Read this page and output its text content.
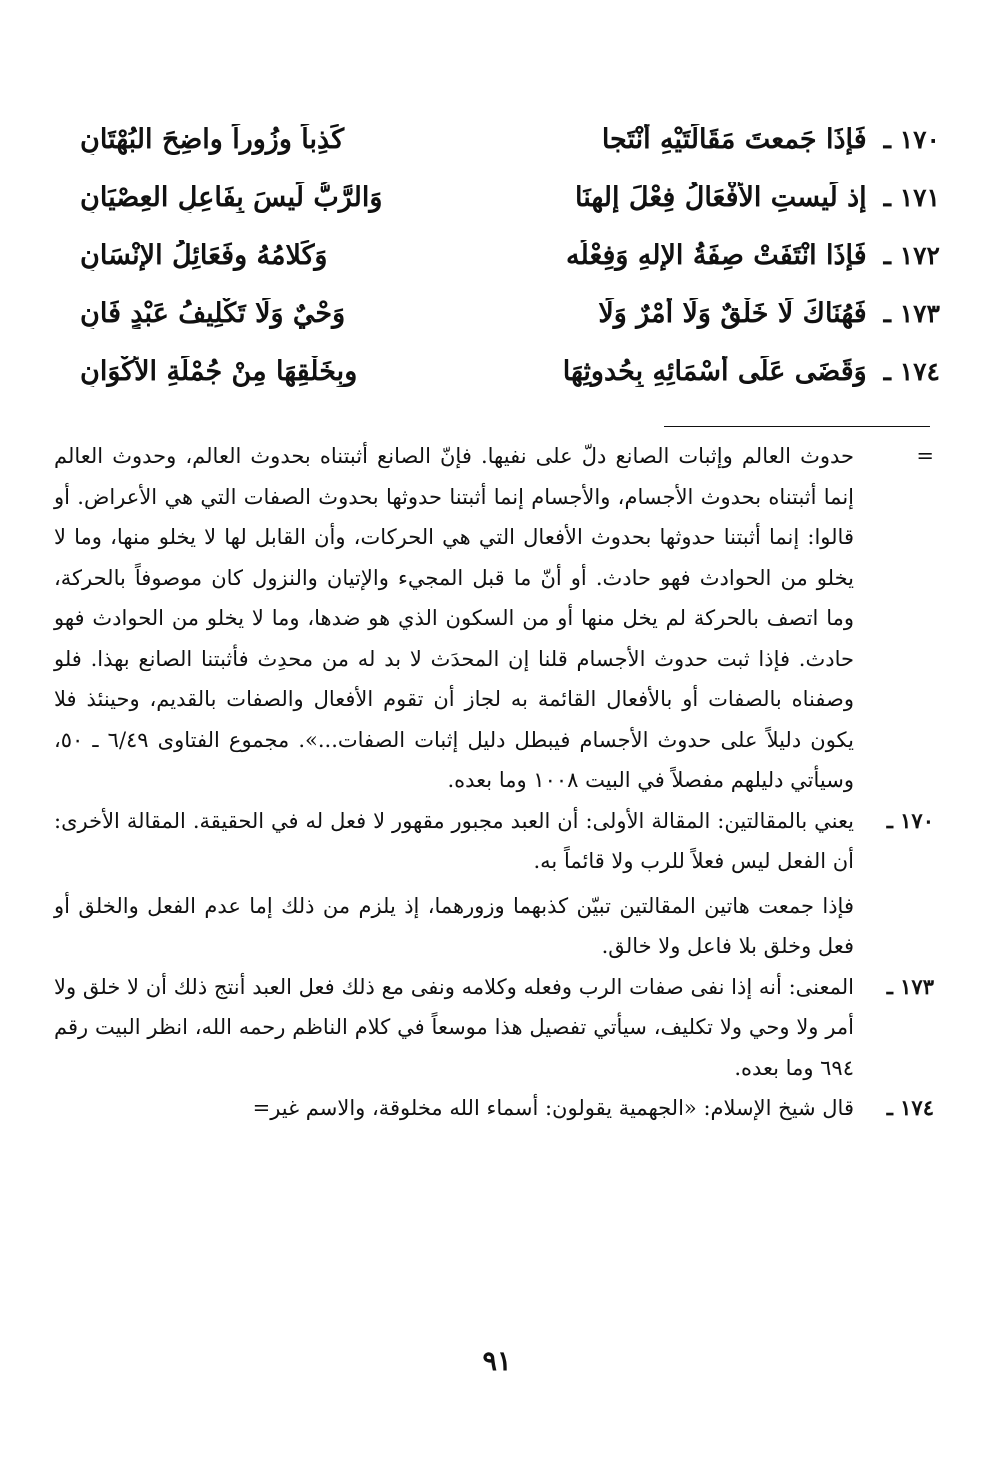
١٧٠ ـ
فَإذَا جَمعتَ مَقَالَتَيْهِ أنْتَجا
كَذِباً وزُوراً واضِحَ البُهْتَانِ
١٧١ ـ
إذ لَيستِ الأفْعَالُ فِعْلَ إلهِنَا
وَالرَّبُّ لَيسَ بِفَاعِلِ العِصْيَانِ
١٧٢ ـ
فَإذَا انْتَفَتْ صِفَةُ الإلهِ وَفِعْلُه
وَكَلامُهُ وفَعَائِلُ الإنْسَانِ
١٧٣ ـ
فَهُنَاكَ لَا خَلْقٌ وَلَا أمْرٌ وَلَا
وَحْيٌ وَلَا تَكْلِيفُ عَبْدٍ فَانِ
١٧٤ ـ
وَقَضَى عَلَى أسْمَائِهِ بِحُدوثِهَا
وبِخَلْقِهَا مِنْ جُمْلَةِ الأكْوَانِ
=

حدوث العالم وإثبات الصانع دلّ على نفيها. فإنّ الصانع أثبتناه بحدوث العالم، وحدوث العالم إنما أثبتناه بحدوث الأجسام، والأجسام إنما أثبتنا حدوثها بحدوث الصفات التي هي الأعراض. أو قالوا: إنما أثبتنا حدوثها بحدوث الأفعال التي هي الحركات، وأن القابل لها لا يخلو منها، وما لا يخلو من الحوادث فهو حادث. أو أنّ ما قبل المجيء والإتيان والنزول كان موصوفاً بالحركة، وما اتصف بالحركة لم يخل منها أو من السكون الذي هو ضدها، وما لا يخلو من الحوادث فهو حادث. فإذا ثبت حدوث الأجسام قلنا إن المحدَث لا بد له من محدِث فأثبتنا الصانع بهذا. فلو وصفناه بالصفات أو بالأفعال القائمة به لجاز أن تقوم الأفعال والصفات بالقديم، وحينئذ فلا يكون دليلاً على حدوث الأجسام فيبطل دليل إثبات الصفات...». مجموع الفتاوى ٦/٤٩ ـ ٥٠، وسيأتي دليلهم مفصلاً في البيت ١٠٠٨ وما بعده.

١٧٠ ـ

يعني بالمقالتين: المقالة الأولى: أن العبد مجبور مقهور لا فعل له في الحقيقة. المقالة الأخرى: أن الفعل ليس فعلاً للرب ولا قائماً به.

فإذا جمعت هاتين المقالتين تبيّن كذبهما وزورهما، إذ يلزم من ذلك إما عدم الفعل والخلق أو فعل وخلق بلا فاعل ولا خالق.

١٧٣ ـ

المعنى: أنه إذا نفى صفات الرب وفعله وكلامه ونفى مع ذلك فعل العبد أنتج ذلك أن لا خلق ولا أمر ولا وحي ولا تكليف، سيأتي تفصيل هذا موسعاً في كلام الناظم رحمه الله، انظر البيت رقم ٦٩٤ وما بعده.

١٧٤ ـ

قال شيخ الإسلام: «الجهمية يقولون: أسماء الله مخلوقة، والاسم غير=

٩١
